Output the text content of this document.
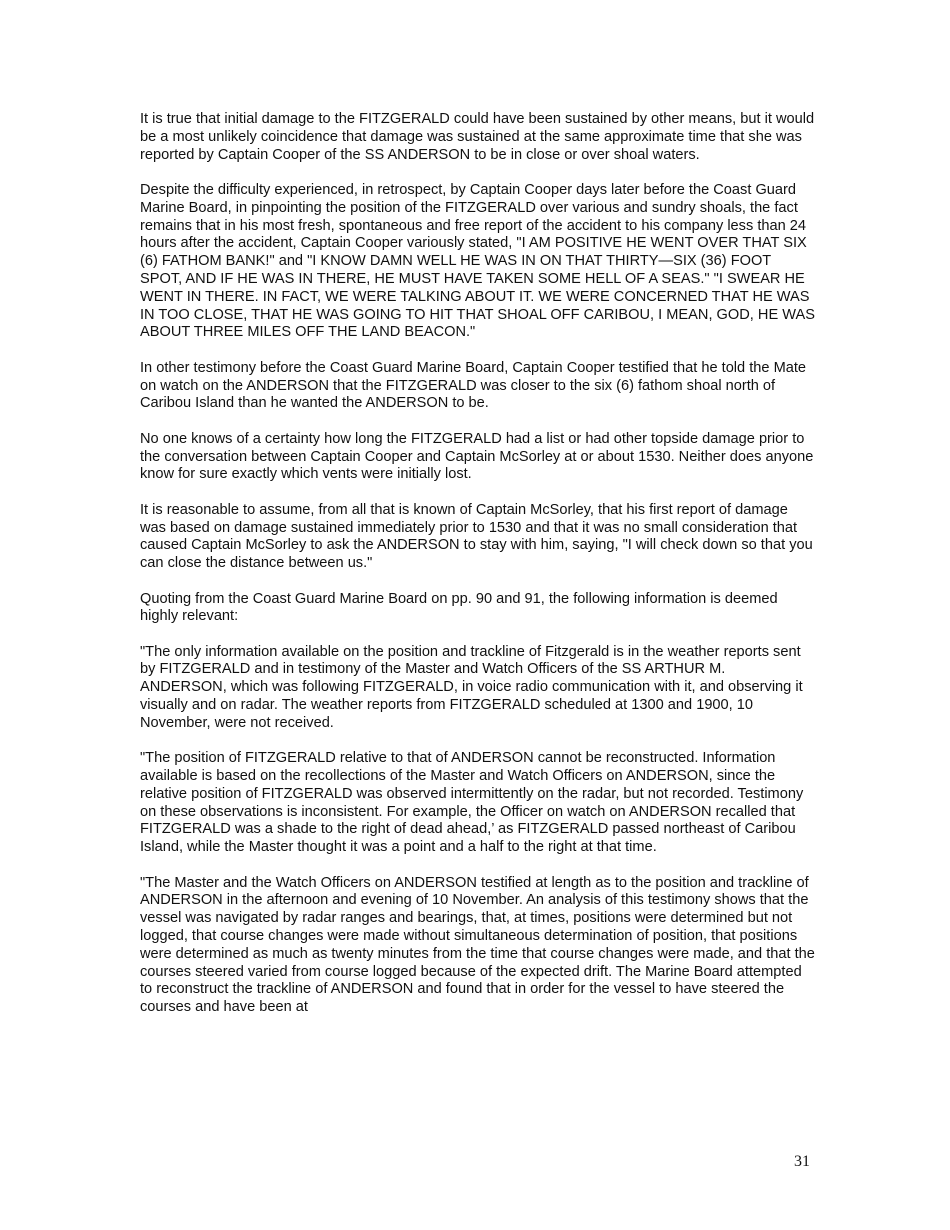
It is true that initial damage to the FITZGERALD could have been sustained by other means, but it would be a most unlikely coincidence that damage was sustained at the same approximate time that she was reported by Captain Cooper of the SS ANDERSON to be in close or over shoal waters.

Despite the difficulty experienced, in retrospect, by Captain Cooper days later before the Coast Guard Marine Board, in pinpointing the position of the FITZGERALD over various and sundry shoals, the fact remains that in his most fresh, spontaneous and free report of the accident to his company less than 24 hours after the accident, Captain Cooper variously stated, "I AM POSITIVE HE WENT OVER THAT SIX (6) FATHOM BANK!" and "I KNOW DAMN WELL HE WAS IN ON THAT THIRTY—SIX (36) FOOT SPOT, AND IF HE WAS IN THERE, HE MUST HAVE TAKEN SOME HELL OF A SEAS." "I SWEAR HE WENT IN THERE. IN FACT, WE WERE TALKING ABOUT IT. WE WERE CONCERNED THAT HE WAS IN TOO CLOSE, THAT HE WAS GOING TO HIT THAT SHOAL OFF CARIBOU, I MEAN, GOD, HE WAS ABOUT THREE MILES OFF THE LAND BEACON."

In other testimony before the Coast Guard Marine Board, Captain Cooper testified that he told the Mate on watch on the ANDERSON that the FITZGERALD was closer to the six (6) fathom shoal north of Caribou Island than he wanted the ANDERSON to be.

No one knows of a certainty how long the FITZGERALD had a list or had other topside damage prior to the conversation between Captain Cooper and Captain McSorley at or about 1530. Neither does anyone know for sure exactly which vents were initially lost.

It is reasonable to assume, from all that is known of Captain McSorley, that his first report of damage was based on damage sustained immediately prior to 1530 and that it was no small consideration that caused Captain McSorley to ask the ANDERSON to stay with him, saying, "I will check down so that you can close the distance between us."

Quoting from the Coast Guard Marine Board on pp. 90 and 91, the following information is deemed highly relevant:

"The only information available on the position and trackline of Fitzgerald is in the weather reports sent by FITZGERALD and in testimony of the Master and Watch Officers of the SS ARTHUR M. ANDERSON, which was following FITZGERALD, in voice radio communication with it, and observing it visually and on radar. The weather reports from FITZGERALD scheduled at 1300 and 1900, 10 November, were not received.

"The position of FITZGERALD relative to that of ANDERSON cannot be reconstructed. Information available is based on the recollections of the Master and Watch Officers on ANDERSON, since the relative position of FITZGERALD was observed intermittently on the radar, but not recorded. Testimony on these observations is inconsistent. For example, the Officer on watch on ANDERSON recalled that FITZGERALD was a shade to the right of dead ahead,’ as FITZGERALD passed northeast of Caribou Island, while the Master thought it was a point and a half to the right at that time.

"The Master and the Watch Officers on ANDERSON testified at length as to the position and trackline of ANDERSON in the afternoon and evening of 10 November. An analysis of this testimony shows that the vessel was navigated by radar ranges and bearings, that, at times, positions were determined but not logged, that course changes were made without simultaneous determination of position, that positions were determined as much as twenty minutes from the time that course changes were made, and that the courses steered varied from course logged because of the expected drift. The Marine Board attempted to reconstruct the trackline of ANDERSON and found that in order for the vessel to have steered the courses and have been at

31
